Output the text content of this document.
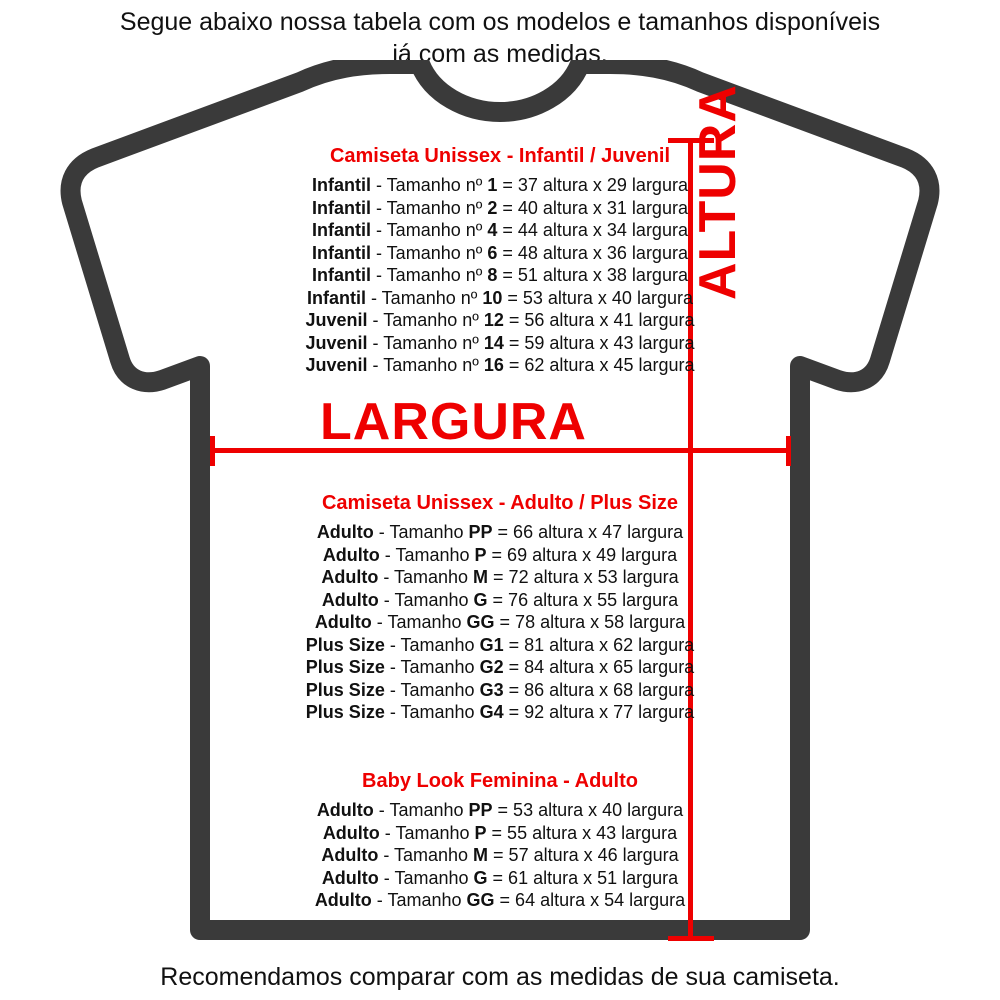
Segue abaixo nossa tabela com os modelos e tamanhos disponíveis
já com as medidas.
LARGURA
ALTURA
Camiseta Unissex - Infantil / Juvenil
Infantil - Tamanho nº 1 = 37 altura x 29 largura
Infantil - Tamanho nº 2 = 40 altura x 31 largura
Infantil - Tamanho nº 4 = 44 altura x 34 largura
Infantil - Tamanho nº 6 = 48 altura x 36 largura
Infantil - Tamanho nº 8 = 51 altura x 38 largura
Infantil - Tamanho nº 10 = 53 altura x 40 largura
Juvenil - Tamanho nº 12 = 56 altura x 41 largura
Juvenil - Tamanho nº 14 = 59 altura x 43 largura
Juvenil - Tamanho nº 16 = 62 altura x 45 largura
Camiseta Unissex - Adulto / Plus Size
Adulto - Tamanho PP = 66 altura x 47 largura
Adulto - Tamanho P = 69 altura x 49 largura
Adulto - Tamanho M = 72 altura x 53 largura
Adulto - Tamanho G = 76 altura x 55 largura
Adulto - Tamanho GG = 78 altura x 58 largura
Plus Size - Tamanho G1 = 81 altura x 62 largura
Plus Size - Tamanho G2 = 84 altura x 65 largura
Plus Size - Tamanho G3 = 86 altura x 68 largura
Plus Size - Tamanho G4 = 92 altura x 77 largura
Baby Look Feminina - Adulto
Adulto - Tamanho PP = 53 altura x 40 largura
Adulto - Tamanho P = 55 altura x 43 largura
Adulto - Tamanho M = 57 altura x 46 largura
Adulto - Tamanho G = 61 altura x 51 largura
Adulto - Tamanho GG = 64 altura x 54 largura
Recomendamos comparar com as medidas de sua camiseta.
